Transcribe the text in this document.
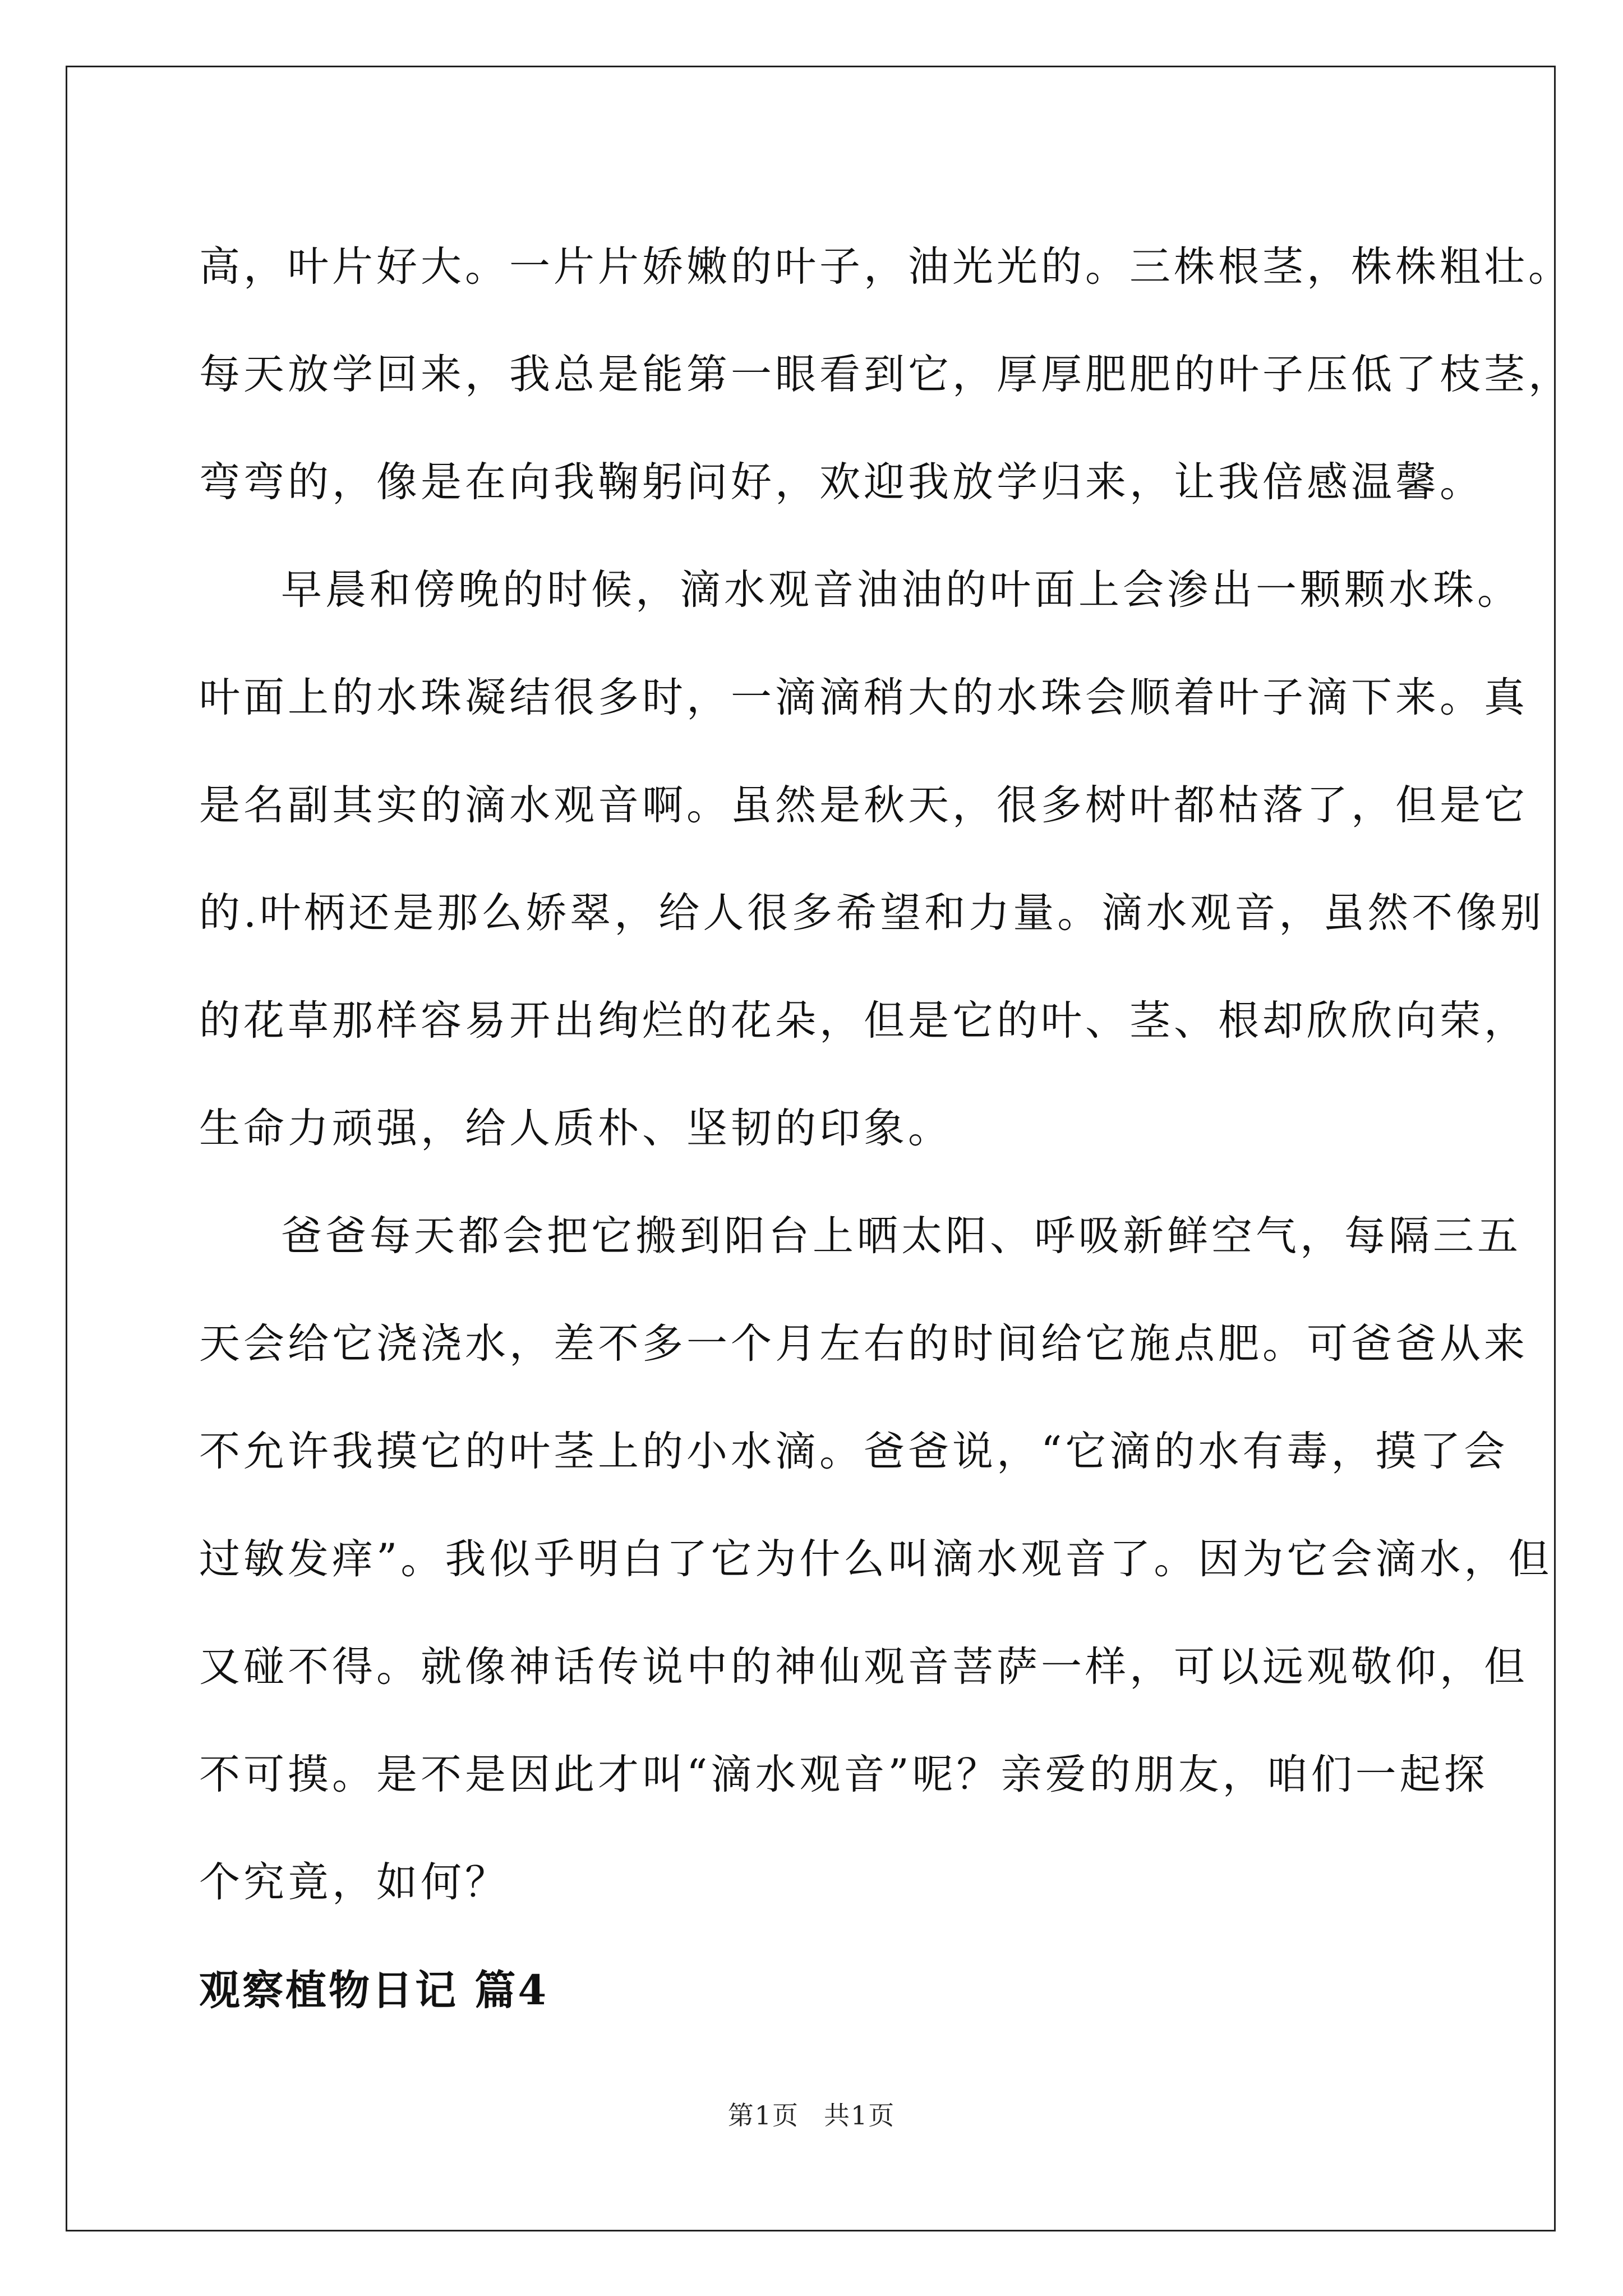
高，叶片好大。一片片娇嫩的叶子，油光光的。三株根茎，株株粗壮。
每天放学回来，我总是能第一眼看到它，厚厚肥肥的叶子压低了枝茎，
弯弯的，像是在向我鞠躬问好，欢迎我放学归来，让我倍感温馨。

早晨和傍晚的时候，滴水观音油油的叶面上会渗出一颗颗水珠。
叶面上的水珠凝结很多时，一滴滴稍大的水珠会顺着叶子滴下来。真
是名副其实的滴水观音啊。虽然是秋天，很多树叶都枯落了，但是它
的.叶柄还是那么娇翠，给人很多希望和力量。滴水观音，虽然不像别
的花草那样容易开出绚烂的花朵，但是它的叶、茎、根却欣欣向荣，
生命力顽强，给人质朴、坚韧的印象。

爸爸每天都会把它搬到阳台上晒太阳、呼吸新鲜空气，每隔三五
天会给它浇浇水，差不多一个月左右的时间给它施点肥。可爸爸从来
不允许我摸它的叶茎上的小水滴。爸爸说，“它滴的水有毒，摸了会
过敏发痒”。我似乎明白了它为什么叫滴水观音了。因为它会滴水，但
又碰不得。就像神话传说中的神仙观音菩萨一样，可以远观敬仰，但
不可摸。是不是因此才叫“滴水观音”呢？亲爱的朋友，咱们一起探
个究竟，如何？

观察植物日记 篇4
第1页 共1页
